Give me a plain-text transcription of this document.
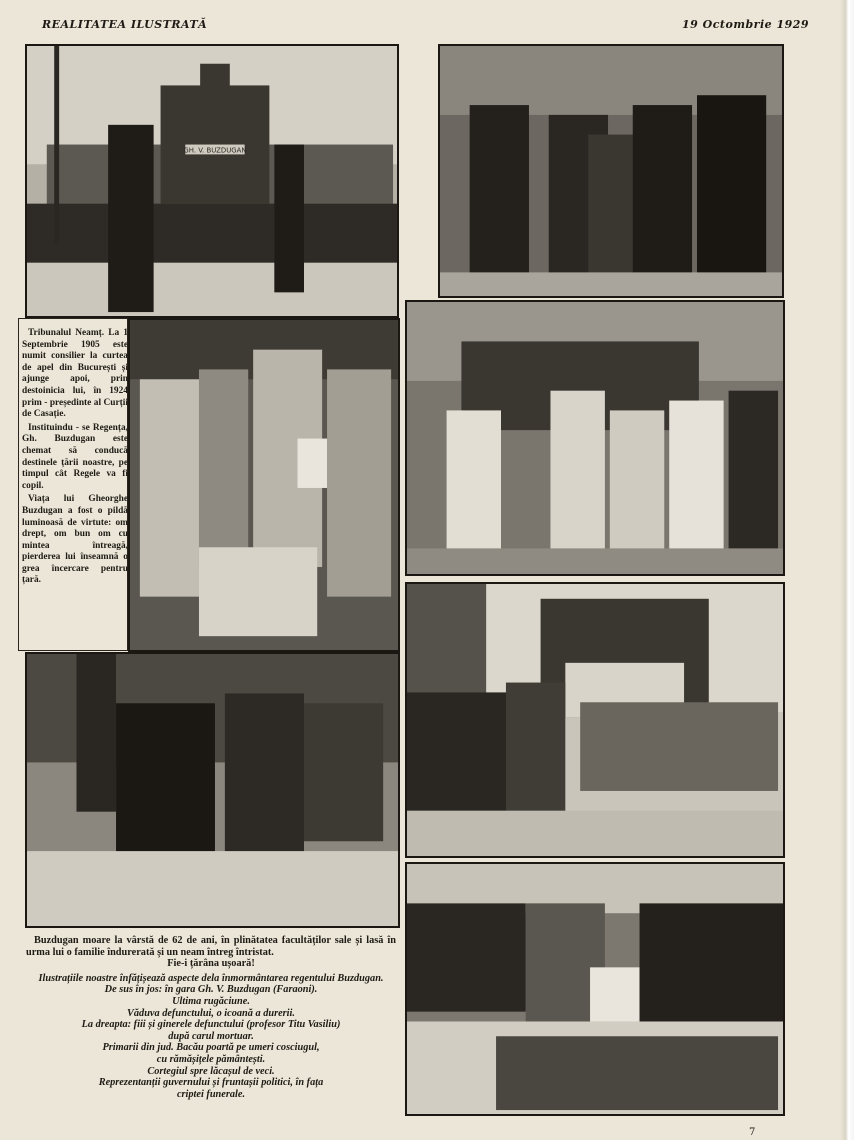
REALITATEA ILUSTRATĂ	19 Octombrie 1929
GH. V. BUZDUGAN

Tribunalul Neamț. La 1 Septembrie 1905 este numit consilier la curtea de apel din București și ajunge apoi, prin destoinicia lui, în 1924 prim - președinte al Curții de Casație.

Instituindu - se Regența, Gh. Buzdugan este chemat să conducă destinele țării noastre, pe timpul cât Regele va fi copil.

Viața lui Gheorghe Buzdugan a fost o pildă luminoasă de virtute: om drept, om bun om cu mintea întreagă, pierderea lui înseamnă o grea încercare pentru țară.

Buzdugan moare la vârstă de 62 de ani, în plinătatea facultăților sale și lasă în urma lui o familie îndurerată și un neam întreg întristat.

Fie-i țărâna ușoară!

Ilustrațiile noastre înfățișează aspecte dela înmormântarea regentului Buzdugan.

De sus în jos: în gara Gh. V. Buzdugan (Faraoni).

Ultima rugăciune.

Văduva defunctului, o icoană a durerii.

La dreapta: fiii și ginerele defunctului (profesor Titu Vasiliu)

după carul mortuar.

Primarii din jud. Bacău poartă pe umeri cosciugul,

cu rămășițele pământești.

Cortegiul spre lăcașul de veci.

Reprezentanții guvernului și fruntașii politici, în fața

criptei funerale.

7
